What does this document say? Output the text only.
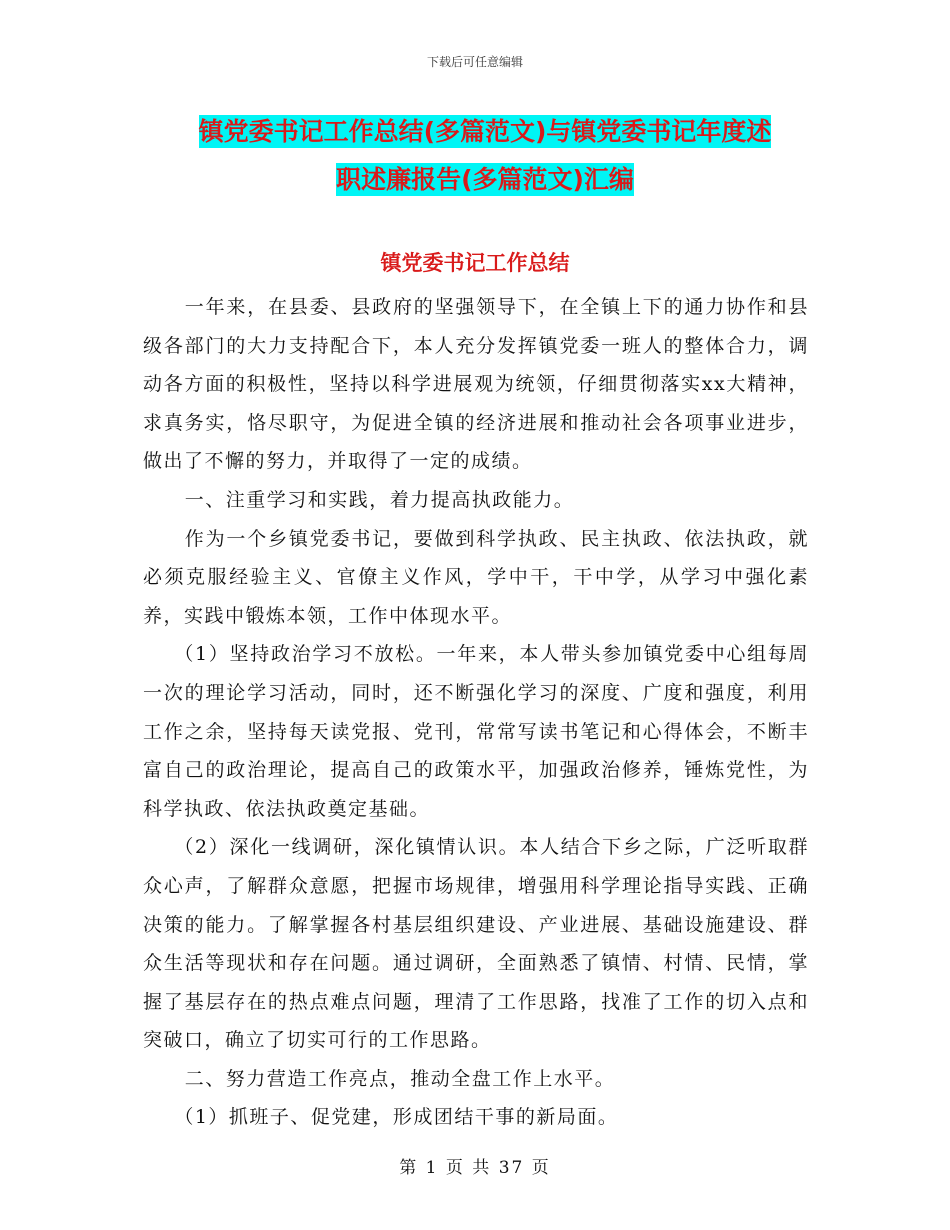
下载后可任意编辑
镇党委书记工作总结(多篇范文)与镇党委书记年度述
职述廉报告(多篇范文)汇编
镇党委书记工作总结

一年来，在县委、县政府的坚强领导下，在全镇上下的通力协作和县级各部门的大力支持配合下，本人充分发挥镇党委一班人的整体合力，调动各方面的积极性，坚持以科学进展观为统领，仔细贯彻落实xx大精神，求真务实，恪尽职守，为促进全镇的经济进展和推动社会各项事业进步，做出了不懈的努力，并取得了一定的成绩。

一、注重学习和实践，着力提高执政能力。

作为一个乡镇党委书记，要做到科学执政、民主执政、依法执政，就必须克服经验主义、官僚主义作风，学中干，干中学，从学习中强化素养，实践中锻炼本领，工作中体现水平。

（1）坚持政治学习不放松。一年来，本人带头参加镇党委中心组每周一次的理论学习活动，同时，还不断强化学习的深度、广度和强度，利用工作之余，坚持每天读党报、党刊，常常写读书笔记和心得体会，不断丰富自己的政治理论，提高自己的政策水平，加强政治修养，锤炼党性，为科学执政、依法执政奠定基础。

（2）深化一线调研，深化镇情认识。本人结合下乡之际，广泛听取群众心声，了解群众意愿，把握市场规律，增强用科学理论指导实践、正确决策的能力。了解掌握各村基层组织建设、产业进展、基础设施建设、群众生活等现状和存在问题。通过调研，全面熟悉了镇情、村情、民情，掌握了基层存在的热点难点问题，理清了工作思路，找准了工作的切入点和突破口，确立了切实可行的工作思路。

二、努力营造工作亮点，推动全盘工作上水平。

（1）抓班子、促党建，形成团结干事的新局面。

第 1 页 共 37 页
